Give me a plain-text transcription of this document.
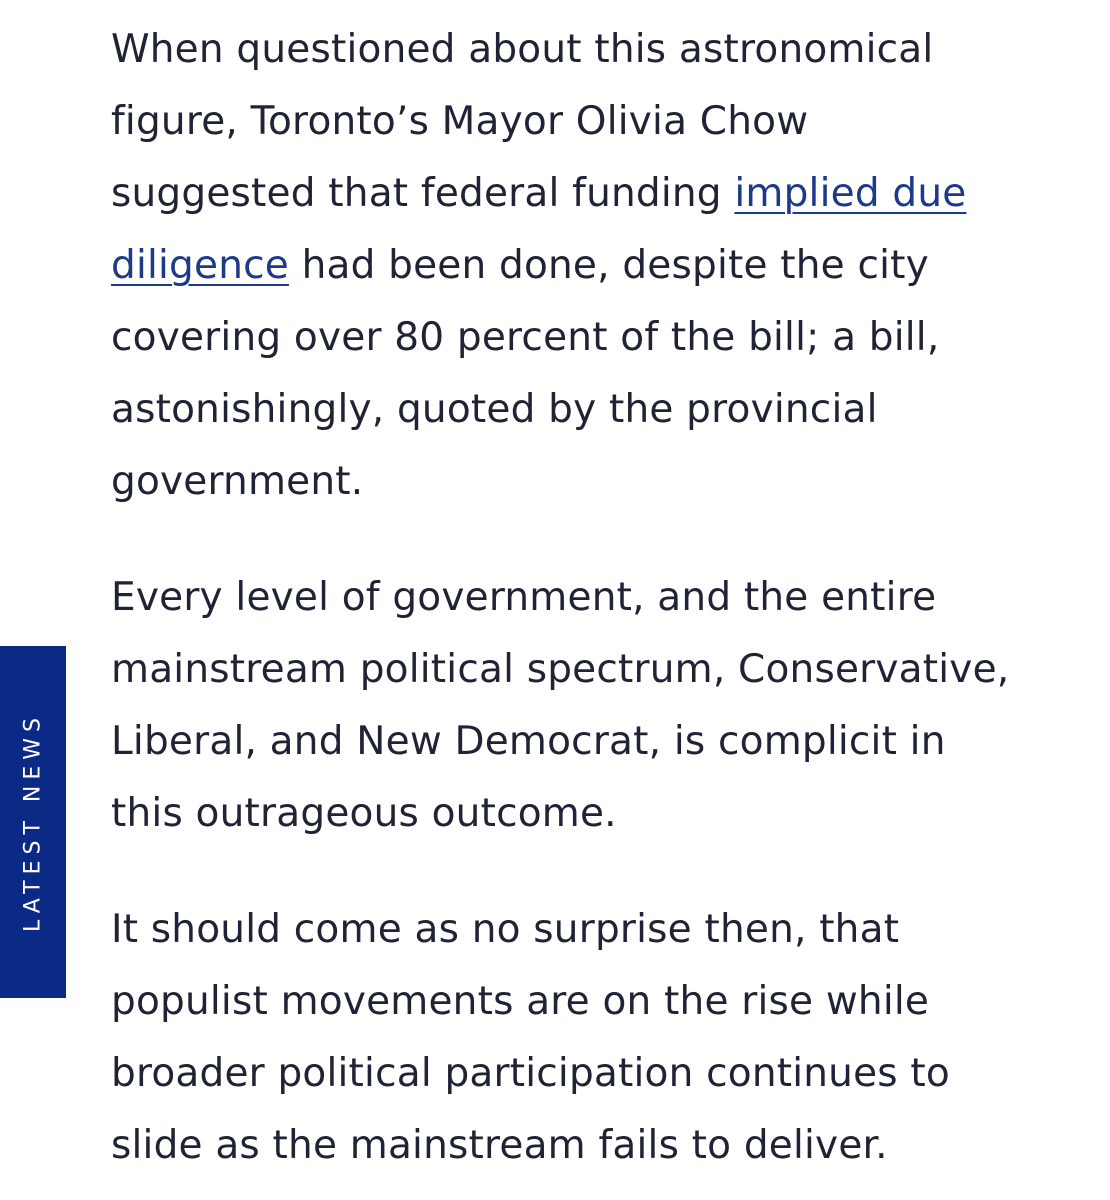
When questioned about this astronomical figure, Toronto’s Mayor Olivia Chow suggested that federal funding implied due diligence had been done, despite the city covering over 80 percent of the bill; a bill, astonishingly, quoted by the provincial government.

Every level of government, and the entire mainstream political spectrum, Conservative, Liberal, and New Democrat, is complicit in this outrageous outcome.

It should come as no surprise then, that populist movements are on the rise while broader political participation continues to slide as the mainstream fails to deliver.

LATEST NEWS
